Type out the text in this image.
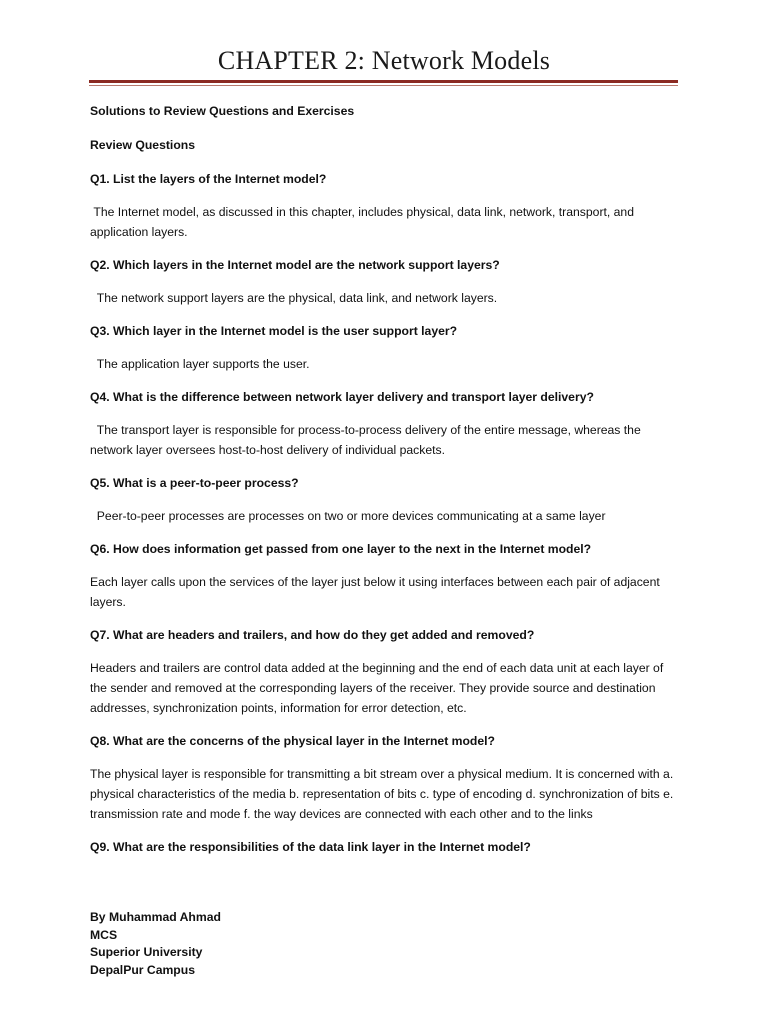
CHAPTER 2: Network Models

Solutions to Review Questions and Exercises

Review Questions

Q1. List the layers of the Internet model?

The Internet model, as discussed in this chapter, includes physical, data link, network, transport, and application layers.

Q2. Which layers in the Internet model are the network support layers?

The network support layers are the physical, data link, and network layers.

Q3. Which layer in the Internet model is the user support layer?

The application layer supports the user.

Q4. What is the difference between network layer delivery and transport layer delivery?

The transport layer is responsible for process-to-process delivery of the entire message, whereas the network layer oversees host-to-host delivery of individual packets.

Q5. What is a peer-to-peer process?

Peer-to-peer processes are processes on two or more devices communicating at a same layer

Q6. How does information get passed from one layer to the next in the Internet model?

Each layer calls upon the services of the layer just below it using interfaces between each pair of adjacent layers.

Q7. What are headers and trailers, and how do they get added and removed?

Headers and trailers are control data added at the beginning and the end of each data unit at each layer of the sender and removed at the corresponding layers of the receiver. They provide source and destination addresses, synchronization points, information for error detection, etc.

Q8. What are the concerns of the physical layer in the Internet model?

The physical layer is responsible for transmitting a bit stream over a physical medium. It is concerned with a. physical characteristics of the media b. representation of bits c. type of encoding d. synchronization of bits e. transmission rate and mode f. the way devices are connected with each other and to the links

Q9. What are the responsibilities of the data link layer in the Internet model?

By Muhammad Ahmad
MCS
Superior University
DepalPur Campus
